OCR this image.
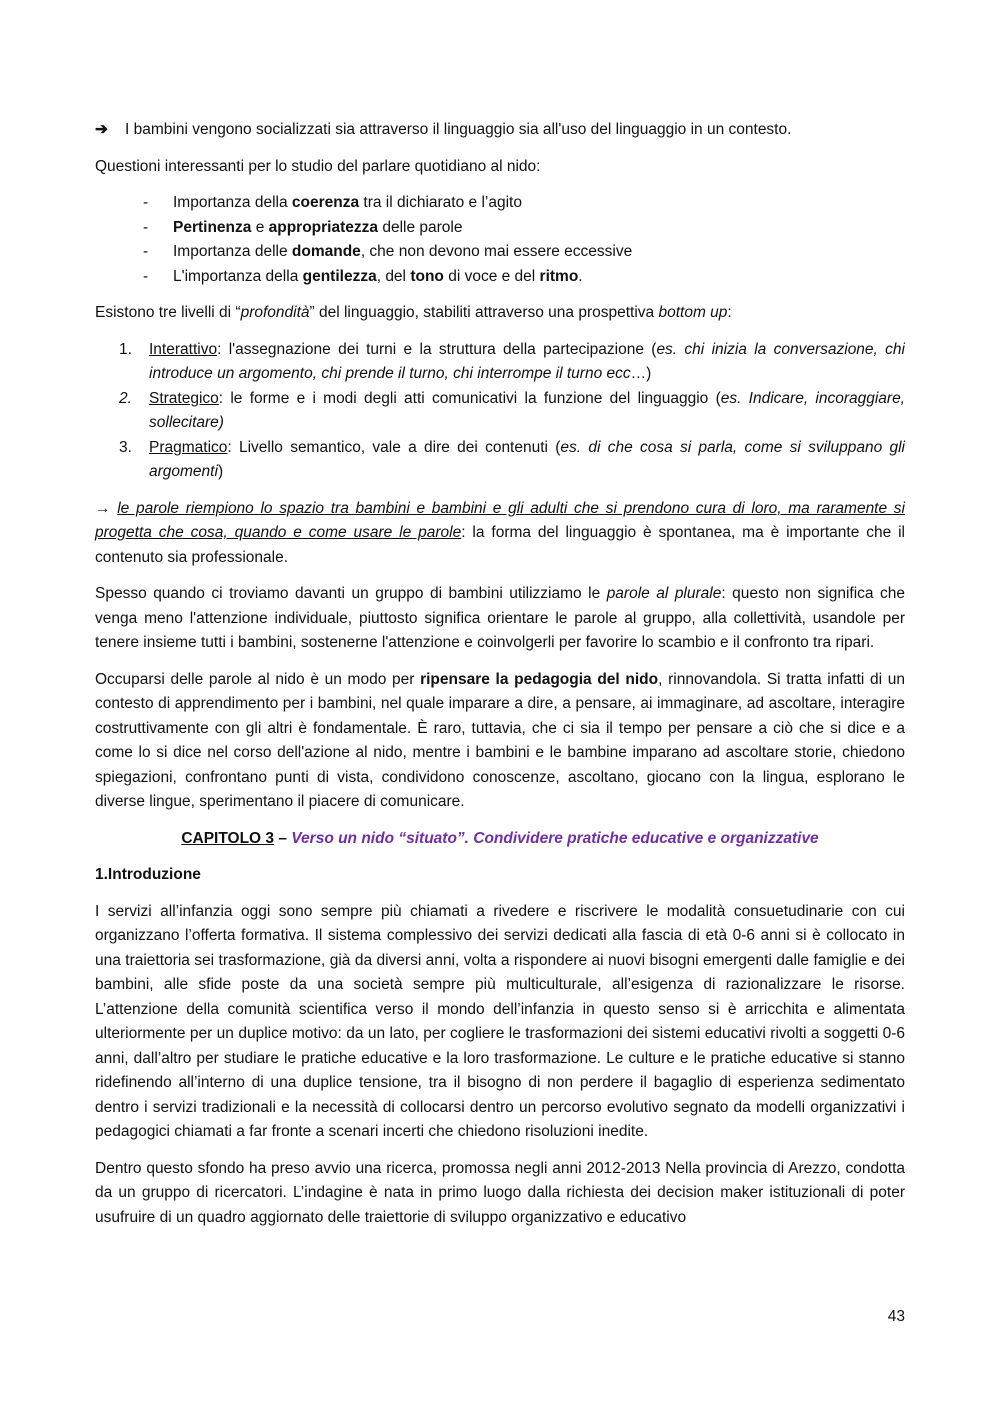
➔ I bambini vengono socializzati sia attraverso il linguaggio sia all'uso del linguaggio in un contesto.

Questioni interessanti per lo studio del parlare quotidiano al nido:

- Importanza della coerenza tra il dichiarato e l’agito
- Pertinenza e appropriatezza delle parole
- Importanza delle domande, che non devono mai essere eccessive
- L'importanza della gentilezza, del tono di voce e del ritmo.

Esistono tre livelli di “profondità” del linguaggio, stabiliti attraverso una prospettiva bottom up:

1. Interattivo: l'assegnazione dei turni e la struttura della partecipazione (es. chi inizia la conversazione, chi introduce un argomento, chi prende il turno, chi interrompe il turno ecc…)
2. Strategico: le forme e i modi degli atti comunicativi la funzione del linguaggio (es. Indicare, incoraggiare, sollecitare)
3. Pragmatico: Livello semantico, vale a dire dei contenuti (es. di che cosa si parla, come si sviluppano gli argomenti)

→ le parole riempiono lo spazio tra bambini e bambini e gli adulti che si prendono cura di loro, ma raramente si progetta che cosa, quando e come usare le parole: la forma del linguaggio è spontanea, ma è importante che il contenuto sia professionale.

Spesso quando ci troviamo davanti un gruppo di bambini utilizziamo le parole al plurale: questo non significa che venga meno l'attenzione individuale, piuttosto significa orientare le parole al gruppo, alla collettività, usandole per tenere insieme tutti i bambini, sostenerne l'attenzione e coinvolgerli per favorire lo scambio e il confronto tra ripari.

Occuparsi delle parole al nido è un modo per ripensare la pedagogia del nido, rinnovandola. Si tratta infatti di un contesto di apprendimento per i bambini, nel quale imparare a dire, a pensare, ai immaginare, ad ascoltare, interagire costruttivamente con gli altri è fondamentale. È raro, tuttavia, che ci sia il tempo per pensare a ciò che si dice e a come lo si dice nel corso dell'azione al nido, mentre i bambini e le bambine imparano ad ascoltare storie, chiedono spiegazioni, confrontano punti di vista, condividono conoscenze, ascoltano, giocano con la lingua, esplorano le diverse lingue, sperimentano il piacere di comunicare.

CAPITOLO 3 – Verso un nido “situato”. Condividere pratiche educative e organizzative

1.Introduzione

I servizi all’infanzia oggi sono sempre più chiamati a rivedere e riscrivere le modalità consuetudinarie con cui organizzano l’offerta formativa. Il sistema complessivo dei servizi dedicati alla fascia di età 0-6 anni si è collocato in una traiettoria sei trasformazione, già da diversi anni, volta a rispondere ai nuovi bisogni emergenti dalle famiglie e dei bambini, alle sfide poste da una società sempre più multiculturale, all’esigenza di razionalizzare le risorse. L’attenzione della comunità scientifica verso il mondo dell’infanzia in questo senso si è arricchita e alimentata ulteriormente per un duplice motivo: da un lato, per cogliere le trasformazioni dei sistemi educativi rivolti a soggetti 0-6 anni, dall’altro per studiare le pratiche educative e la loro trasformazione. Le culture e le pratiche educative si stanno ridefinendo all’interno di una duplice tensione, tra il bisogno di non perdere il bagaglio di esperienza sedimentato dentro i servizi tradizionali e la necessità di collocarsi dentro un percorso evolutivo segnato da modelli organizzativi i pedagogici chiamati a far fronte a scenari incerti che chiedono risoluzioni inedite.

Dentro questo sfondo ha preso avvio una ricerca, promossa negli anni 2012-2013 Nella provincia di Arezzo, condotta da un gruppo di ricercatori. L’indagine è nata in primo luogo dalla richiesta dei decision maker istituzionali di poter usufruire di un quadro aggiornato delle traiettorie di sviluppo organizzativo e educativo

43
